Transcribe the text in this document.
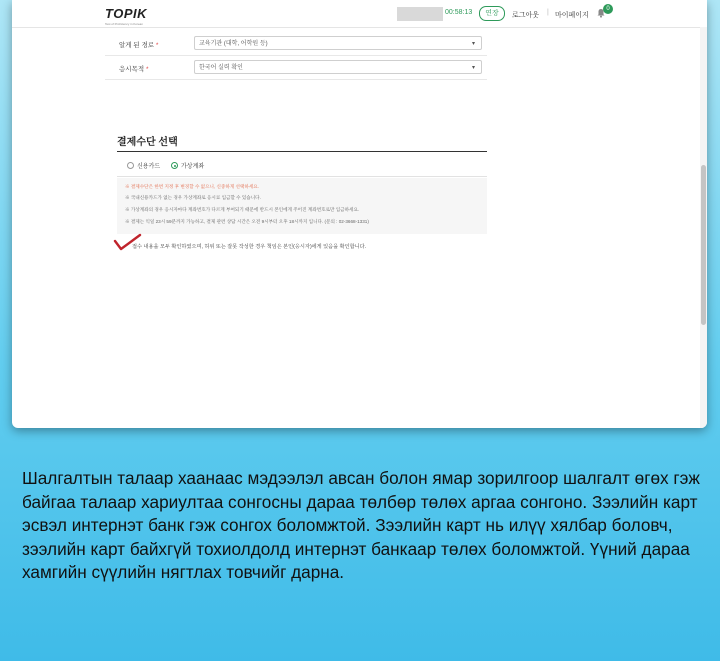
TOPIK
Test of Proficiency in Korean
00:58:13	연장	로그아웃 | 마이페이지
0
알게 된 경로 *	교육기관 (대학, 어학원 등)	▾
응시목적 *	한국어 실력 확인	▾
결제수단 선택
신용카드	가상계좌
※ 결제수단은 한번 지정 후 변경할 수 없으니, 신중하게 선택하세요.
※ 국내신용카드가 없는 경우 가상계좌로 응시료 입금할 수 있습니다.
※ 가상계좌의 경우 응시자마다 계좌번호가 다르게 부여되기 때문에 반드시 본인에게 주어진 계좌번호로만 입금하세요.
※ 결제는 익일 23시 59분까지 가능하고, 결제 관련 상담 시간은 오전 9시부터 오후 18시까지 입니다. (문의 : 02-3668-1331)
접수 내용을 모두 확인하였으며, 허위 또는 잘못 작성한 경우 책임은 본인(응시자)에게 있음을 확인합니다.
Шалгалтын талаар хаанаас мэдээлэл авсан болон ямар зорилгоор шалгалт өгөх гэж байгаа талаар хариултаа сонгосны дараа төлбөр төлөх аргаа сонгоно. Зээлийн карт эсвэл интернэт банк гэж сонгох боломжтой. Зээлийн карт нь илүү хялбар боловч, зээлийн карт байхгүй тохиолдолд интернэт банкаар төлөх боломжтой. Үүний дараа хамгийн сүүлийн нягтлах товчийг дарна.
